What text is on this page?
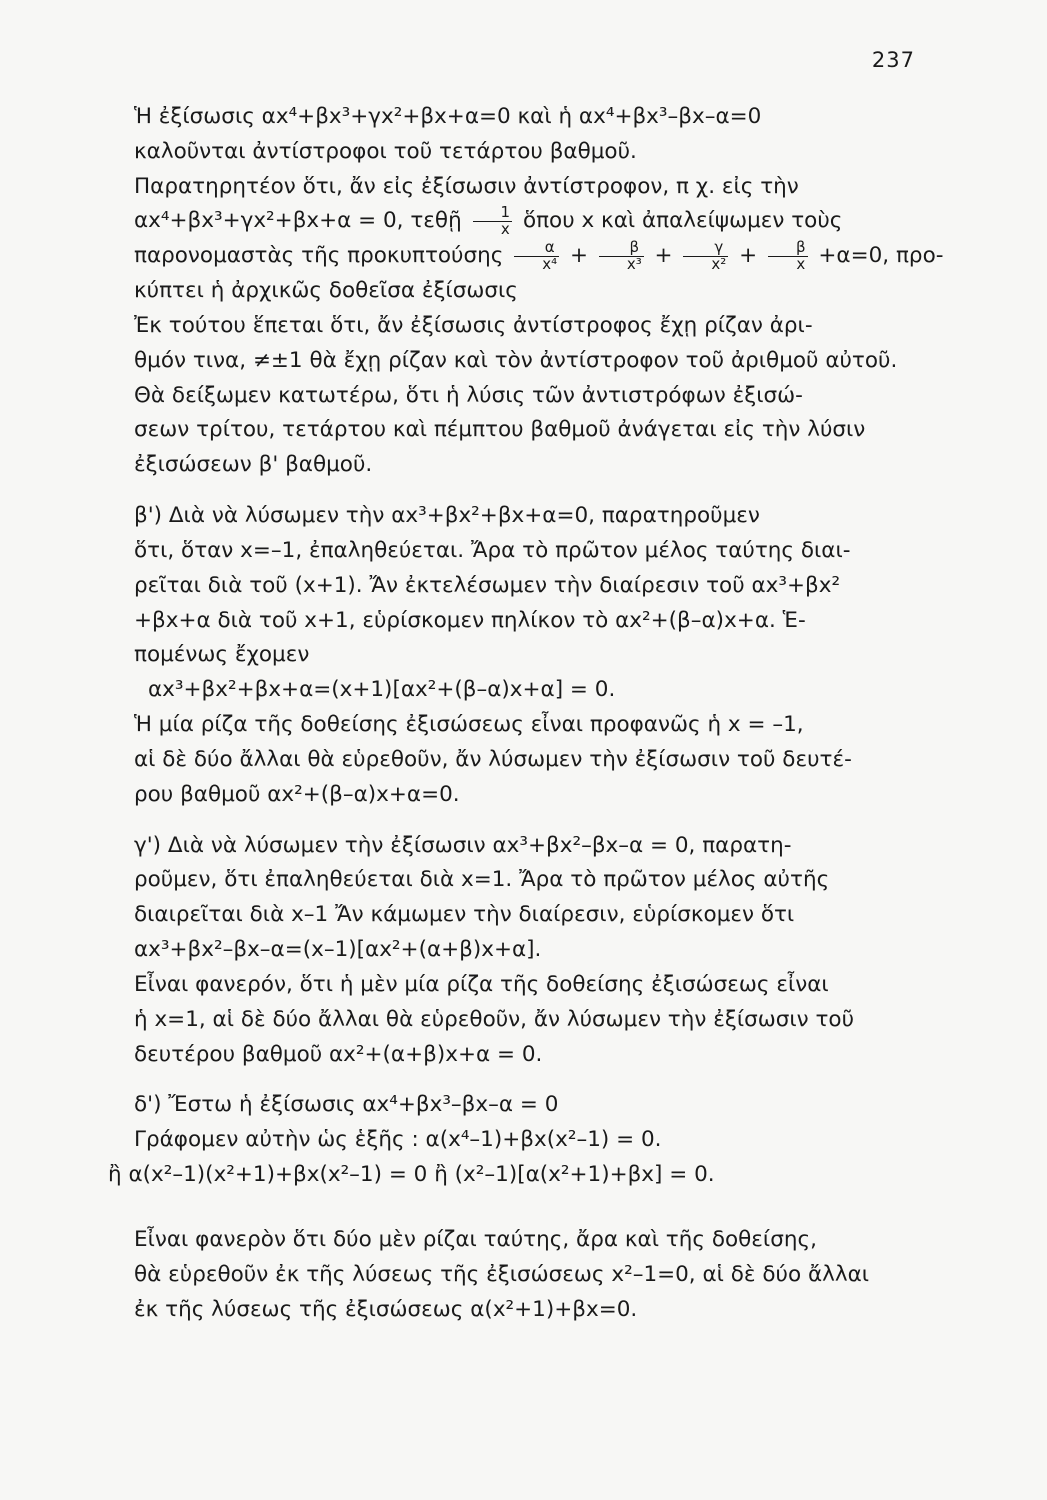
237

Ἡ ἐξίσωσις αx⁴+βx³+γx²+βx+α=0 καὶ ἡ αx⁴+βx³–βx–α=0
καλοῦνται ἀντίστροφοι τοῦ τετάρτου βαθμοῦ.

Παρατηρητέον ὅτι, ἄν εἰς ἐξίσωσιν ἀντίστροφον, π χ. εἰς τὴν
αx⁴+βx³+γx²+βx+α = 0, τεθῇ $\frac{1}{x}$ ὅπου x καὶ ἀπαλείψωμεν τοὺς
παρονομαστὰς τῆς προκυπτούσης $\frac{\alpha}{\text{x⁴}} + \frac{\beta}{\text{x³}} + \frac{\gamma}{\text{x²}} + \frac{\beta}{x} +\alpha=0$, προ-
κύπτει ἡ ἀρχικῶς δοθεῖσα ἐξίσωσις

Ἐκ τούτου ἕπεται ὅτι, ἄν ἐξίσωσις ἀντίστροφος ἔχῃ ρίζαν ἀρι-
θμόν τινα, ≠±1 θὰ ἔχῃ ρίζαν καὶ τὸν ἀντίστροφον τοῦ ἀριθμοῦ αὐτοῦ.

Θὰ δείξωμεν κατωτέρω, ὅτι ἡ λύσις τῶν ἀντιστρόφων ἐξισώ-
σεων τρίτου, τετάρτου καὶ πέμπτου βαθμοῦ ἀνάγεται εἰς τὴν λύσιν
ἐξισώσεων β' βαθμοῦ.

β') Διὰ νὰ λύσωμεν τὴν αx³+βx²+βx+α=0, παρατηροῦμεν
ὅτι, ὅταν x=–1, ἐπαληθεύεται. Ἄρα τὸ πρῶτον μέλος ταύτης διαι-
ρεῖται διὰ τοῦ (x+1). Ἄν ἐκτελέσωμεν τὴν διαίρεσιν τοῦ αx³+βx²
+βx+α διὰ τοῦ x+1, εὑρίσκομεν πηλίκον τὸ αx²+(β–α)x+α. Ἑ-
πομένως ἔχομεν

αx³+βx²+βx+α=(x+1)[αx²+(β–α)x+α] = 0.

Ἡ μία ρίζα τῆς δοθείσης ἐξισώσεως εἶναι προφανῶς ἡ x = –1,
αἱ δὲ δύο ἄλλαι θὰ εὑρεθοῦν, ἄν λύσωμεν τὴν ἐξίσωσιν τοῦ δευτέ-
ρου βαθμοῦ αx²+(β–α)x+α=0.

γ') Διὰ νὰ λύσωμεν τὴν ἐξίσωσιν αx³+βx²–βx–α = 0, παρατη-
ροῦμεν, ὅτι ἐπαληθεύεται διὰ x=1. Ἄρα τὸ πρῶτον μέλος αὐτῆς
διαιρεῖται διὰ x–1 Ἄν κάμωμεν τὴν διαίρεσιν, εὑρίσκομεν ὅτι
αx³+βx²–βx–α=(x–1)[αx²+(α+β)x+α].

Εἶναι φανερόν, ὅτι ἡ μὲν μία ρίζα τῆς δοθείσης ἐξισώσεως εἶναι
ἡ x=1, αἱ δὲ δύο ἄλλαι θὰ εὑρεθοῦν, ἄν λύσωμεν τὴν ἐξίσωσιν τοῦ
δευτέρου βαθμοῦ αx²+(α+β)x+α = 0.

δ') Ἔστω ἡ ἐξίσωσις αx⁴+βx³–βx–α = 0
Γράφομεν αὐτὴν ὡς ἑξῆς : α(x⁴–1)+βx(x²–1) = 0.

ἢ α(x²–1)(x²+1)+βx(x²–1) = 0 ἢ (x²–1)[α(x²+1)+βx] = 0.

Εἶναι φανερὸν ὅτι δύο μὲν ρίζαι ταύτης, ἄρα καὶ τῆς δοθείσης,
θὰ εὑρεθοῦν ἐκ τῆς λύσεως τῆς ἐξισώσεως x²–1=0, αἱ δὲ δύο ἄλλαι
ἐκ τῆς λύσεως τῆς ἐξισώσεως α(x²+1)+βx=0.
